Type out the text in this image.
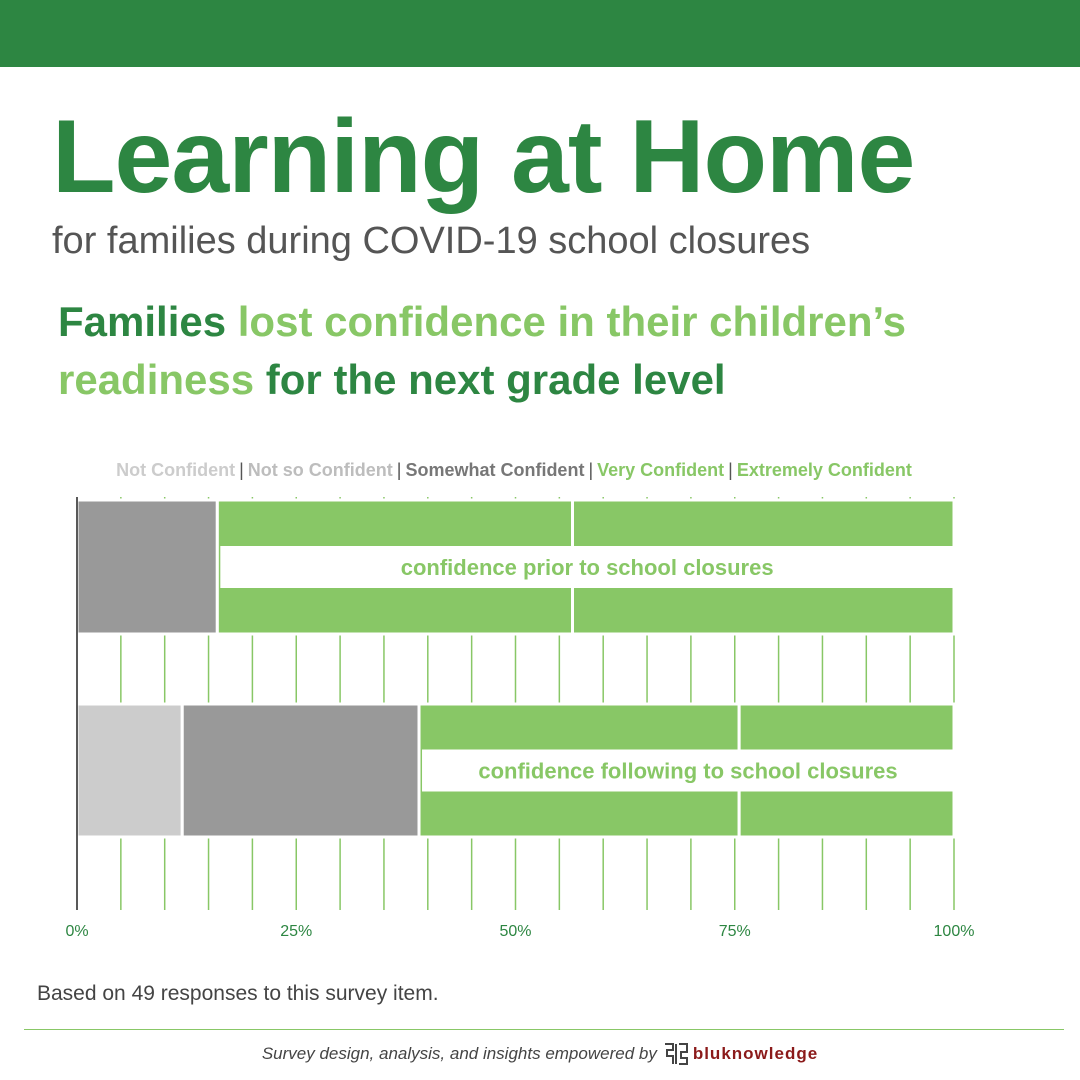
Learning at Home
for families during COVID-19 school closures
Families lost confidence in their children’s readiness for the next grade level
Not Confident | Not so Confident | Somewhat Confident | Very Confident | Extremely Confident
confidence prior to school closures
confidence following to school closures
0%	25%	50%	75%	100%
Based on 49 responses to this survey item.
Survey design, analysis, and insights empowered by bluknowledge
